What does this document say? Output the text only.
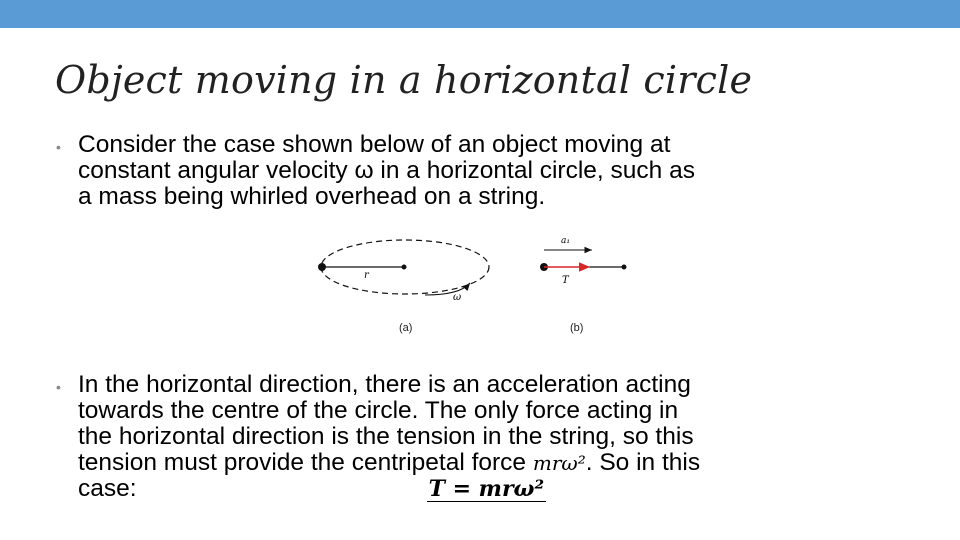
Object moving in a horizontal circle
• Consider the case shown below of an object moving at
constant angular velocity ω in a horizontal circle, such as
a mass being whirled overhead on a string.
r
ω
a₁
T
(a)	(b)
• In the horizontal direction, there is an acceleration acting
towards the centre of the circle. The only force acting in
the horizontal direction is the tension in the string, so this
tension must provide the centripetal force mrω². So in this
case:	T = mrω²
